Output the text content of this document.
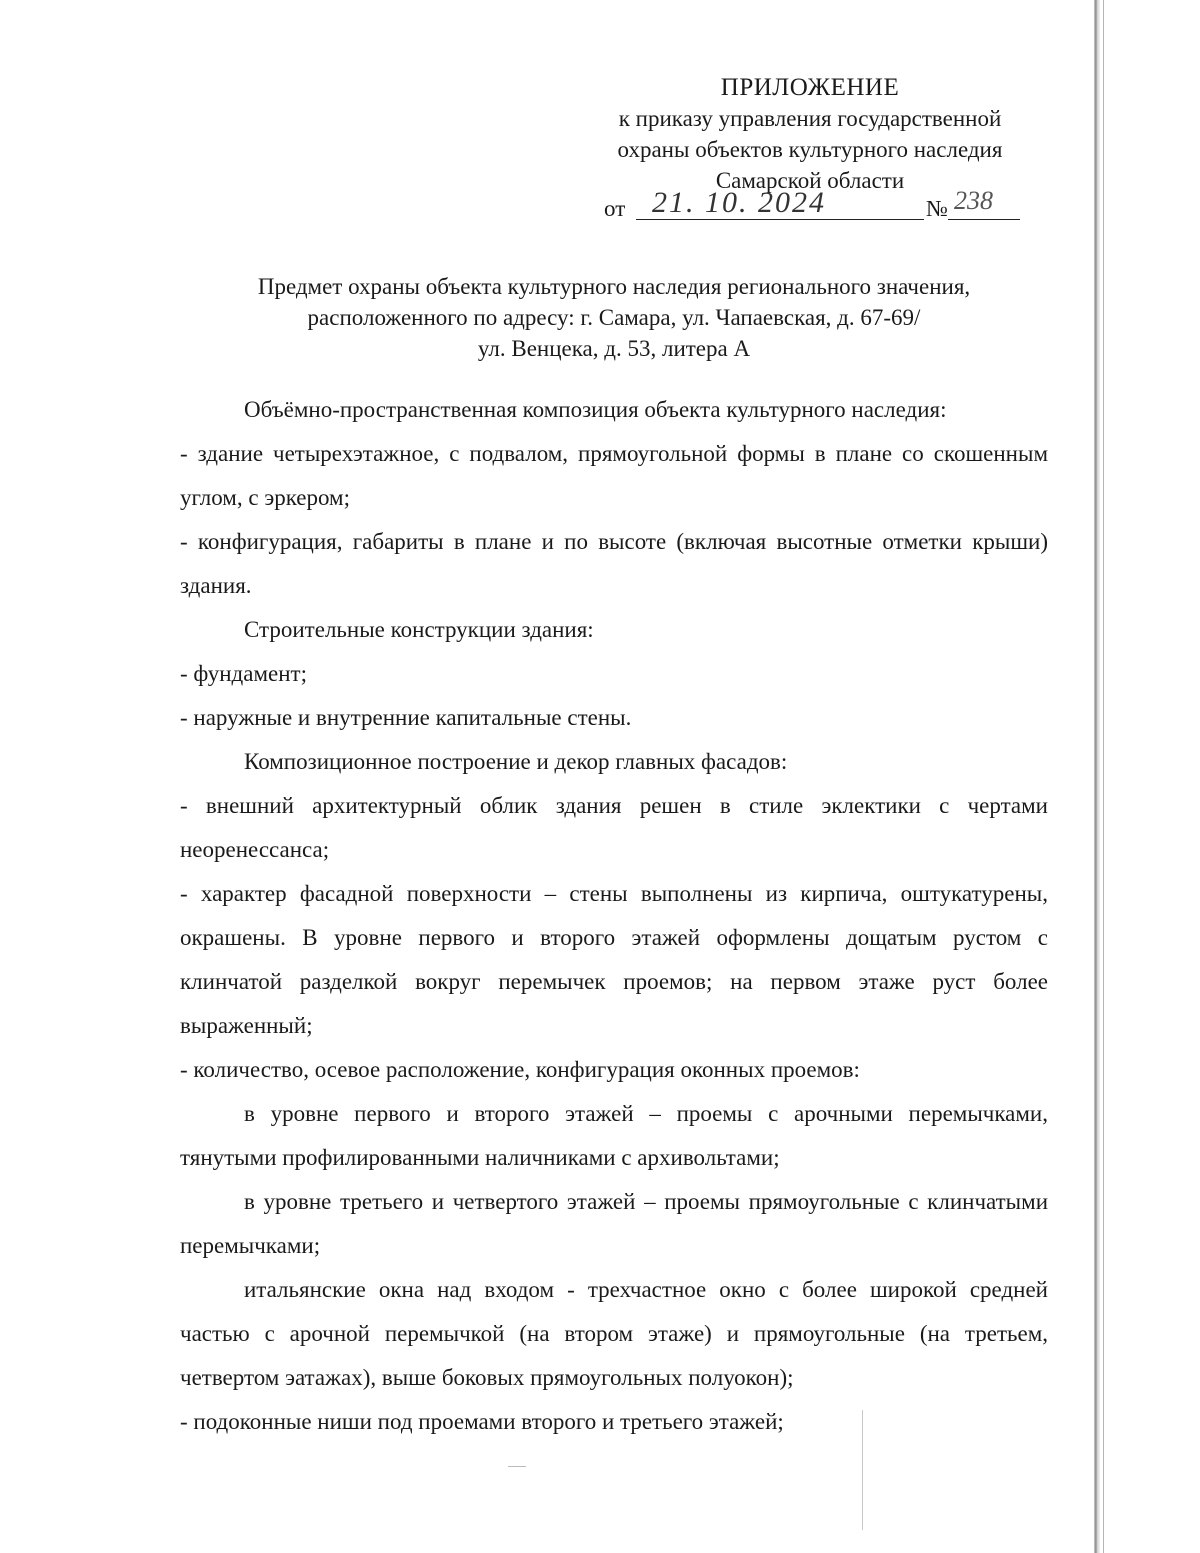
ПРИЛОЖЕНИЕ
к приказу управления государственной
охраны объектов культурного наследия
Самарской области
от 21. 10. 2024	№ 238
Предмет охраны объекта культурного наследия регионального значения,
расположенного по адресу: г. Самара, ул. Чапаевская, д. 67-69/
ул. Венцека, д. 53, литера А

Объёмно-пространственная композиция объекта культурного наследия:

- здание четырехэтажное, с подвалом, прямоугольной формы в плане со скошенным углом, с эркером;

- конфигурация, габариты в плане и по высоте (включая высотные отметки крыши) здания.

Строительные конструкции здания:

- фундамент;

- наружные и внутренние капитальные стены.

Композиционное построение и декор главных фасадов:

- внешний архитектурный облик здания решен в стиле эклектики с чертами неоренессанса;

- характер фасадной поверхности – стены выполнены из кирпича, оштукатурены, окрашены. В уровне первого и второго этажей оформлены дощатым рустом с клинчатой разделкой вокруг перемычек проемов; на первом этаже руст более выраженный;

- количество, осевое расположение, конфигурация оконных проемов:

в уровне первого и второго этажей – проемы с арочными перемычками, тянутыми профилированными наличниками с архивольтами;

в уровне третьего и четвертого этажей – проемы прямоугольные с клинчатыми перемычками;

итальянские окна над входом - трехчастное окно с более широкой средней частью с арочной перемычкой (на втором этаже) и прямоугольные (на третьем, четвертом эатажах), выше боковых прямоугольных полуокон);

- подоконные ниши под проемами второго и третьего этажей;
